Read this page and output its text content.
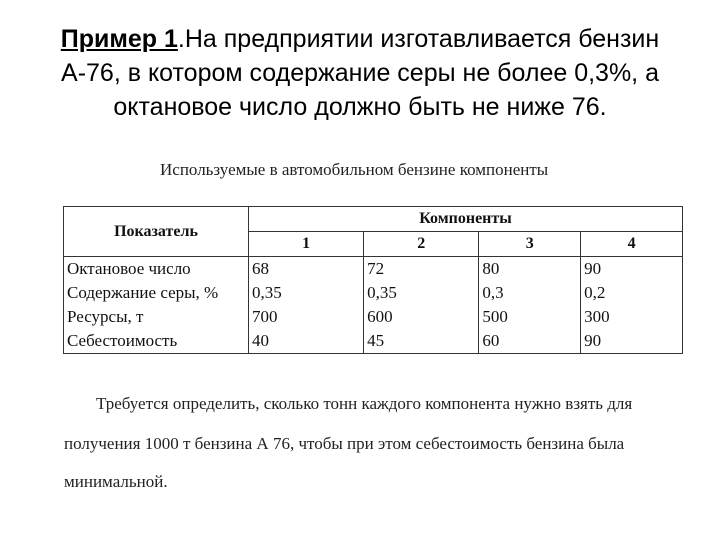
Пример 1.На предприятии изготавливается бензин А-76, в котором содержание серы не более 0,3%, а октановое число должно быть не ниже 76.
Используемые в автомобильном бензине компоненты
Показатель	Компоненты			
	1	2	3	4
Октановое число	68	72	80	90
Содержание серы, %	0,35	0,35	0,3	0,2
Ресурсы, т	700	600	500	300
Себестоимость	40	45	60	90
Требуется определить, сколько тонн каждого компонента нужно взять для
получения 1000 т бензина А 76, чтобы при этом себестоимость бензина была
минимальной.
